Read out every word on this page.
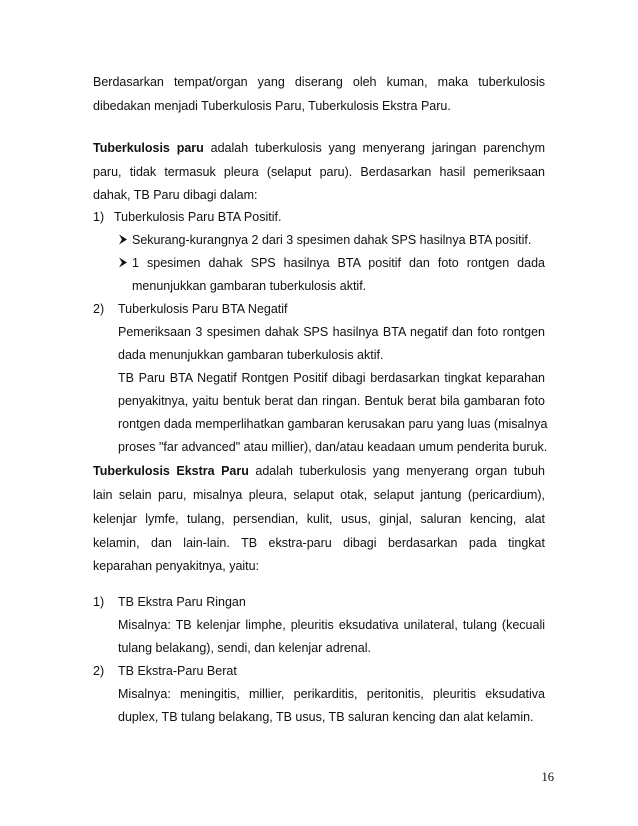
Berdasarkan tempat/organ yang diserang oleh kuman, maka tuberkulosis
dibedakan menjadi Tuberkulosis Paru, Tuberkulosis Ekstra Paru.
Tuberkulosis paru adalah tuberkulosis yang menyerang jaringan parenchym
paru, tidak termasuk pleura (selaput paru). Berdasarkan hasil pemeriksaan
dahak, TB Paru dibagi dalam:
1) Tuberkulosis Paru BTA Positif.
Sekurang-kurangnya 2 dari 3 spesimen dahak SPS hasilnya BTA positif.
1 spesimen dahak SPS hasilnya BTA positif dan foto rontgen dada
menunjukkan gambaran tuberkulosis aktif.
2)	Tuberkulosis Paru BTA Negatif
Pemeriksaan 3 spesimen dahak SPS hasilnya BTA negatif dan foto rontgen
dada menunjukkan gambaran tuberkulosis aktif.
TB Paru BTA Negatif Rontgen Positif dibagi berdasarkan tingkat keparahan
penyakitnya, yaitu bentuk berat dan ringan. Bentuk berat bila gambaran foto
rontgen dada memperlihatkan gambaran kerusakan paru yang luas (misalnya
proses "far advanced" atau millier), dan/atau keadaan umum penderita buruk.
Tuberkulosis Ekstra Paru adalah tuberkulosis yang menyerang organ tubuh
lain selain paru, misalnya pleura, selaput otak, selaput jantung (pericardium),
kelenjar lymfe, tulang, persendian, kulit, usus, ginjal, saluran kencing, alat
kelamin, dan lain-lain. TB ekstra-paru dibagi berdasarkan pada tingkat
keparahan penyakitnya, yaitu:
1)	TB Ekstra Paru Ringan
Misalnya: TB kelenjar limphe, pleuritis eksudativa unilateral, tulang (kecuali
tulang belakang), sendi, dan kelenjar adrenal.
2)	TB Ekstra-Paru Berat
Misalnya: meningitis, millier, perikarditis, peritonitis, pleuritis eksudativa
duplex, TB tulang belakang, TB usus, TB saluran kencing dan alat kelamin.
16
